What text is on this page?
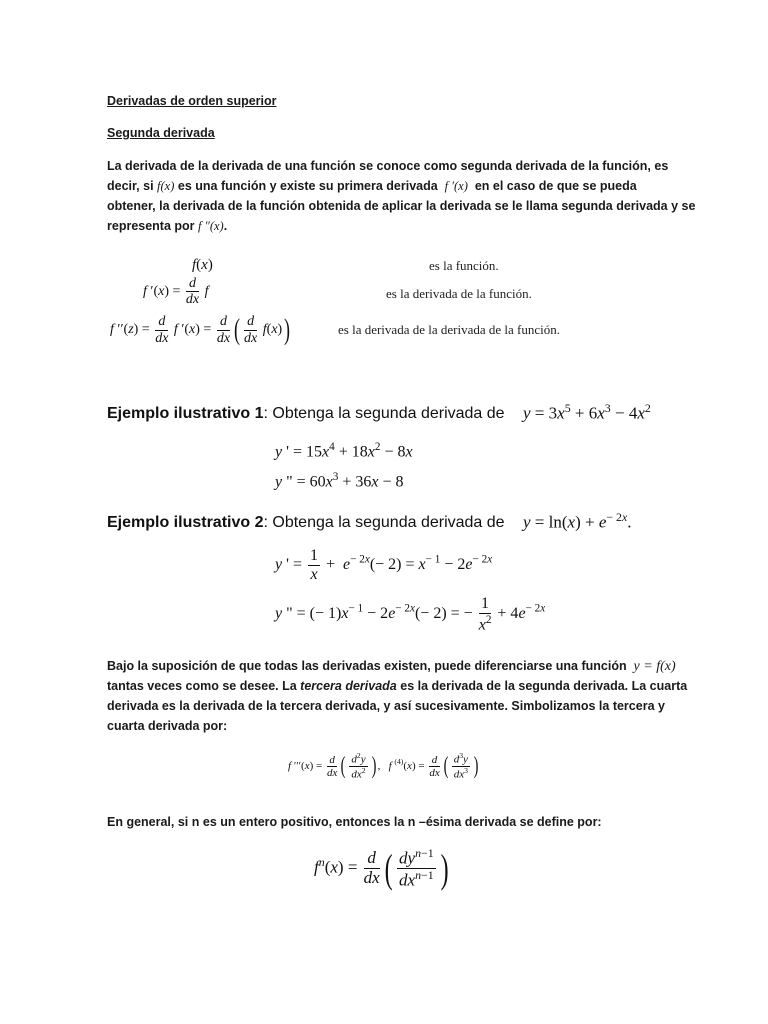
Derivadas de orden superior
Segunda derivada
La derivada de la derivada de una función se conoce como segunda derivada de la función, es
decir, si f(x) es una función y existe su primera derivada f ′(x) en el caso de que se pueda
obtener, la derivada de la función obtenida de aplicar la derivada se le llama segunda derivada y se
representa por f ″(x).
f(x)	es la función.
f $'(x) = \frac{d}{dx}$ f	es la derivada de la función.
f $''(z) = \frac{d}{dx}$ f $'(x) = \frac{d}{dx}$ ( $\frac{d}{dx} f(x)$)	es la derivada de la derivada de la función.
Ejemplo ilustrativo 1: Obtenga la segunda derivada de $y = 3x^5 + 6x^3 - 4x^2$
y ' = $15x^4 + 18x^2 - 8x$
y " = $60x^3 + 36x - 8$
Ejemplo ilustrativo 2: Obtenga la segunda derivada de $y = \ln(x) + e^{- 2x}$.
y ' = $\frac{1}{x} + e^{- 2x}(- 2) = x^{- 1} - 2e^{- 2x}$
y " = (− $1)x^{- 1} - 2e^{- 2x}(- 2)$ = − $\frac{1}{x^2} + 4e^{- 2x}$
Bajo la suposición de que todas las derivadas existen, puede diferenciarse una función y = f(x)
tantas veces como se desee. La tercera derivada es la derivada de la segunda derivada. La cuarta
derivada es la derivada de la tercera derivada, y así sucesivamente. Simbolizamos la tercera y
cuarta derivada por:
f $'''(x) = \frac{d}{dx}$ ( $\frac{d^2y}{dx^2}$ ) ,   f $^{(4)}(x) = \frac{d}{dx}$ ( $\frac{d^3y}{dx^3}$ )
En general, si n es un entero positivo, entonces la n –ésima derivada se define por:
$f^n(x) = \frac{d}{dx}$ ( $\frac{dy^{n-1}}{dx^{n-1}}$ )
